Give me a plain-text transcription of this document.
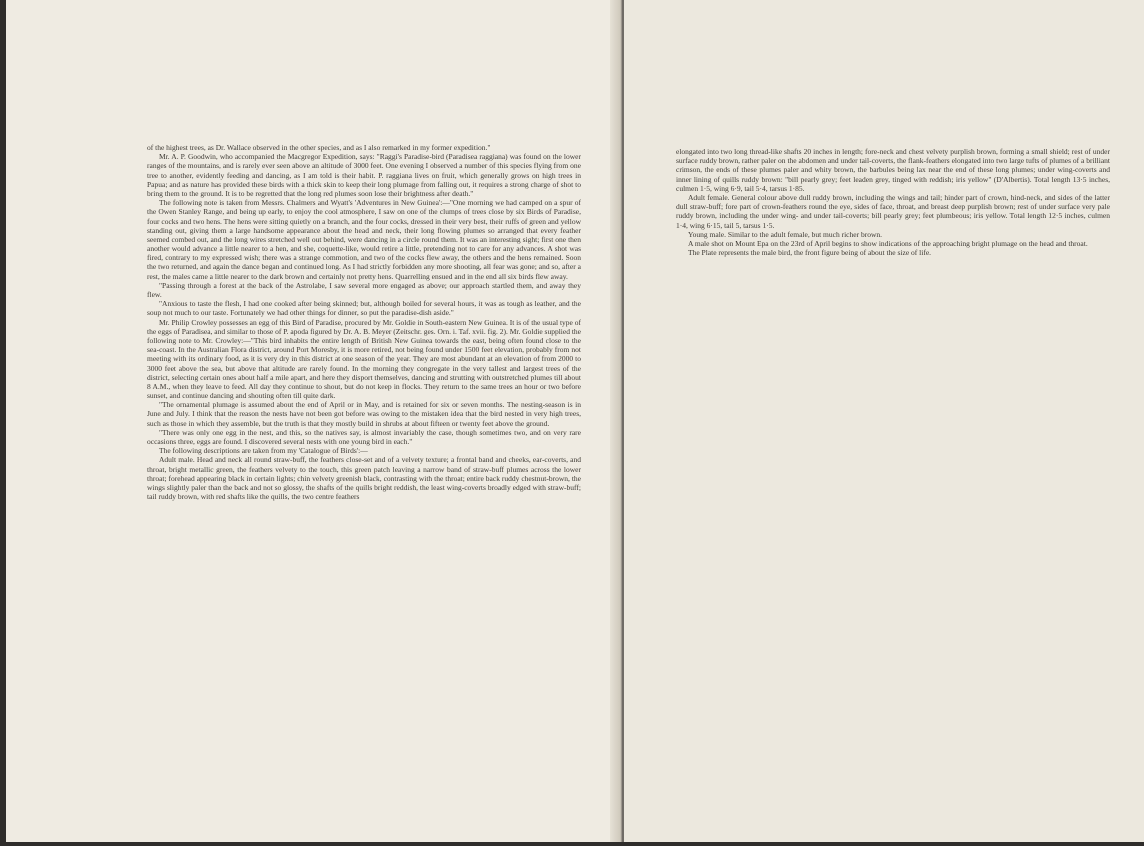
of the highest trees, as Dr. Wallace observed in the other species, and as I also remarked in my former expedition."

Mr. A. P. Goodwin, who accompanied the Macgregor Expedition, says: "Raggi's Paradise-bird (Paradisea raggiana) was found on the lower ranges of the mountains, and is rarely ever seen above an altitude of 3000 feet. One evening I observed a number of this species flying from one tree to another, evidently feeding and dancing, as I am told is their habit. P. raggiana lives on fruit, which generally grows on high trees in Papua; and as nature has provided these birds with a thick skin to keep their long plumage from falling out, it requires a strong charge of shot to bring them to the ground. It is to be regretted that the long red plumes soon lose their brightness after death."

The following note is taken from Messrs. Chalmers and Wyatt's 'Adventures in New Guinea':—"One morning we had camped on a spur of the Owen Stanley Range, and being up early, to enjoy the cool atmosphere, I saw on one of the clumps of trees close by six Birds of Paradise, four cocks and two hens. The hens were sitting quietly on a branch, and the four cocks, dressed in their very best, their ruffs of green and yellow standing out, giving them a large handsome appearance about the head and neck, their long flowing plumes so arranged that every feather seemed combed out, and the long wires stretched well out behind, were dancing in a circle round them. It was an interesting sight; first one then another would advance a little nearer to a hen, and she, coquette-like, would retire a little, pretending not to care for any advances. A shot was fired, contrary to my expressed wish; there was a strange commotion, and two of the cocks flew away, the others and the hens remained. Soon the two returned, and again the dance began and continued long. As I had strictly forbidden any more shooting, all fear was gone; and so, after a rest, the males came a little nearer to the dark brown and certainly not pretty hens. Quarrelling ensued and in the end all six birds flew away.

"Passing through a forest at the back of the Astrolabe, I saw several more engaged as above; our approach startled them, and away they flew.

"Anxious to taste the flesh, I had one cooked after being skinned; but, although boiled for several hours, it was as tough as leather, and the soup not much to our taste. Fortunately we had other things for dinner, so put the paradise-dish aside."

Mr. Philip Crowley possesses an egg of this Bird of Paradise, procured by Mr. Goldie in South-eastern New Guinea. It is of the usual type of the eggs of Paradisea, and similar to those of P. apoda figured by Dr. A. B. Meyer (Zeitschr. ges. Orn. i. Taf. xvii. fig. 2). Mr. Goldie supplied the following note to Mr. Crowley:—"This bird inhabits the entire length of British New Guinea towards the east, being often found close to the sea-coast. In the Australian Flora district, around Port Moresby, it is more retired, not being found under 1500 feet elevation, probably from not meeting with its ordinary food, as it is very dry in this district at one season of the year. They are most abundant at an elevation of from 2000 to 3000 feet above the sea, but above that altitude are rarely found. In the morning they congregate in the very tallest and largest trees of the district, selecting certain ones about half a mile apart, and here they disport themselves, dancing and strutting with outstretched plumes till about 8 A.M., when they leave to feed. All day they continue to shout, but do not keep in flocks. They return to the same trees an hour or two before sunset, and continue dancing and shouting often till quite dark.

"The ornamental plumage is assumed about the end of April or in May, and is retained for six or seven months. The nesting-season is in June and July. I think that the reason the nests have not been got before was owing to the mistaken idea that the bird nested in very high trees, such as those in which they assemble, but the truth is that they mostly build in shrubs at about fifteen or twenty feet above the ground.

"There was only one egg in the nest, and this, so the natives say, is almost invariably the case, though sometimes two, and on very rare occasions three, eggs are found. I discovered several nests with one young bird in each."

The following descriptions are taken from my 'Catalogue of Birds':—

Adult male. Head and neck all round straw-buff, the feathers close-set and of a velvety texture; a frontal band and cheeks, ear-coverts, and throat, bright metallic green, the feathers velvety to the touch, this green patch leaving a narrow band of straw-buff plumes across the lower throat; forehead appearing black in certain lights; chin velvety greenish black, contrasting with the throat; entire back ruddy chestnut-brown, the wings slightly paler than the back and not so glossy, the shafts of the quills bright reddish, the least wing-coverts broadly edged with straw-buff; tail ruddy brown, with red shafts like the quills, the two centre feathers

elongated into two long thread-like shafts 20 inches in length; fore-neck and chest velvety purplish brown, forming a small shield; rest of under surface ruddy brown, rather paler on the abdomen and under tail-coverts, the flank-feathers elongated into two large tufts of plumes of a brilliant crimson, the ends of these plumes paler and whity brown, the barbules being lax near the end of these long plumes; under wing-coverts and inner lining of quills ruddy brown: "bill pearly grey; feet leaden grey, tinged with reddish; iris yellow" (D'Albertis). Total length 13·5 inches, culmen 1·5, wing 6·9, tail 5·4, tarsus 1·85.

Adult female. General colour above dull ruddy brown, including the wings and tail; hinder part of crown, hind-neck, and sides of the latter dull straw-buff; fore part of crown-feathers round the eye, sides of face, throat, and breast deep purplish brown; rest of under surface very pale ruddy brown, including the under wing- and under tail-coverts; bill pearly grey; feet plumbeous; iris yellow. Total length 12·5 inches, culmen 1·4, wing 6·15, tail 5, tarsus 1·5.

Young male. Similar to the adult female, but much richer brown.

A male shot on Mount Epa on the 23rd of April begins to show indications of the approaching bright plumage on the head and throat.

The Plate represents the male bird, the front figure being of about the size of life.
